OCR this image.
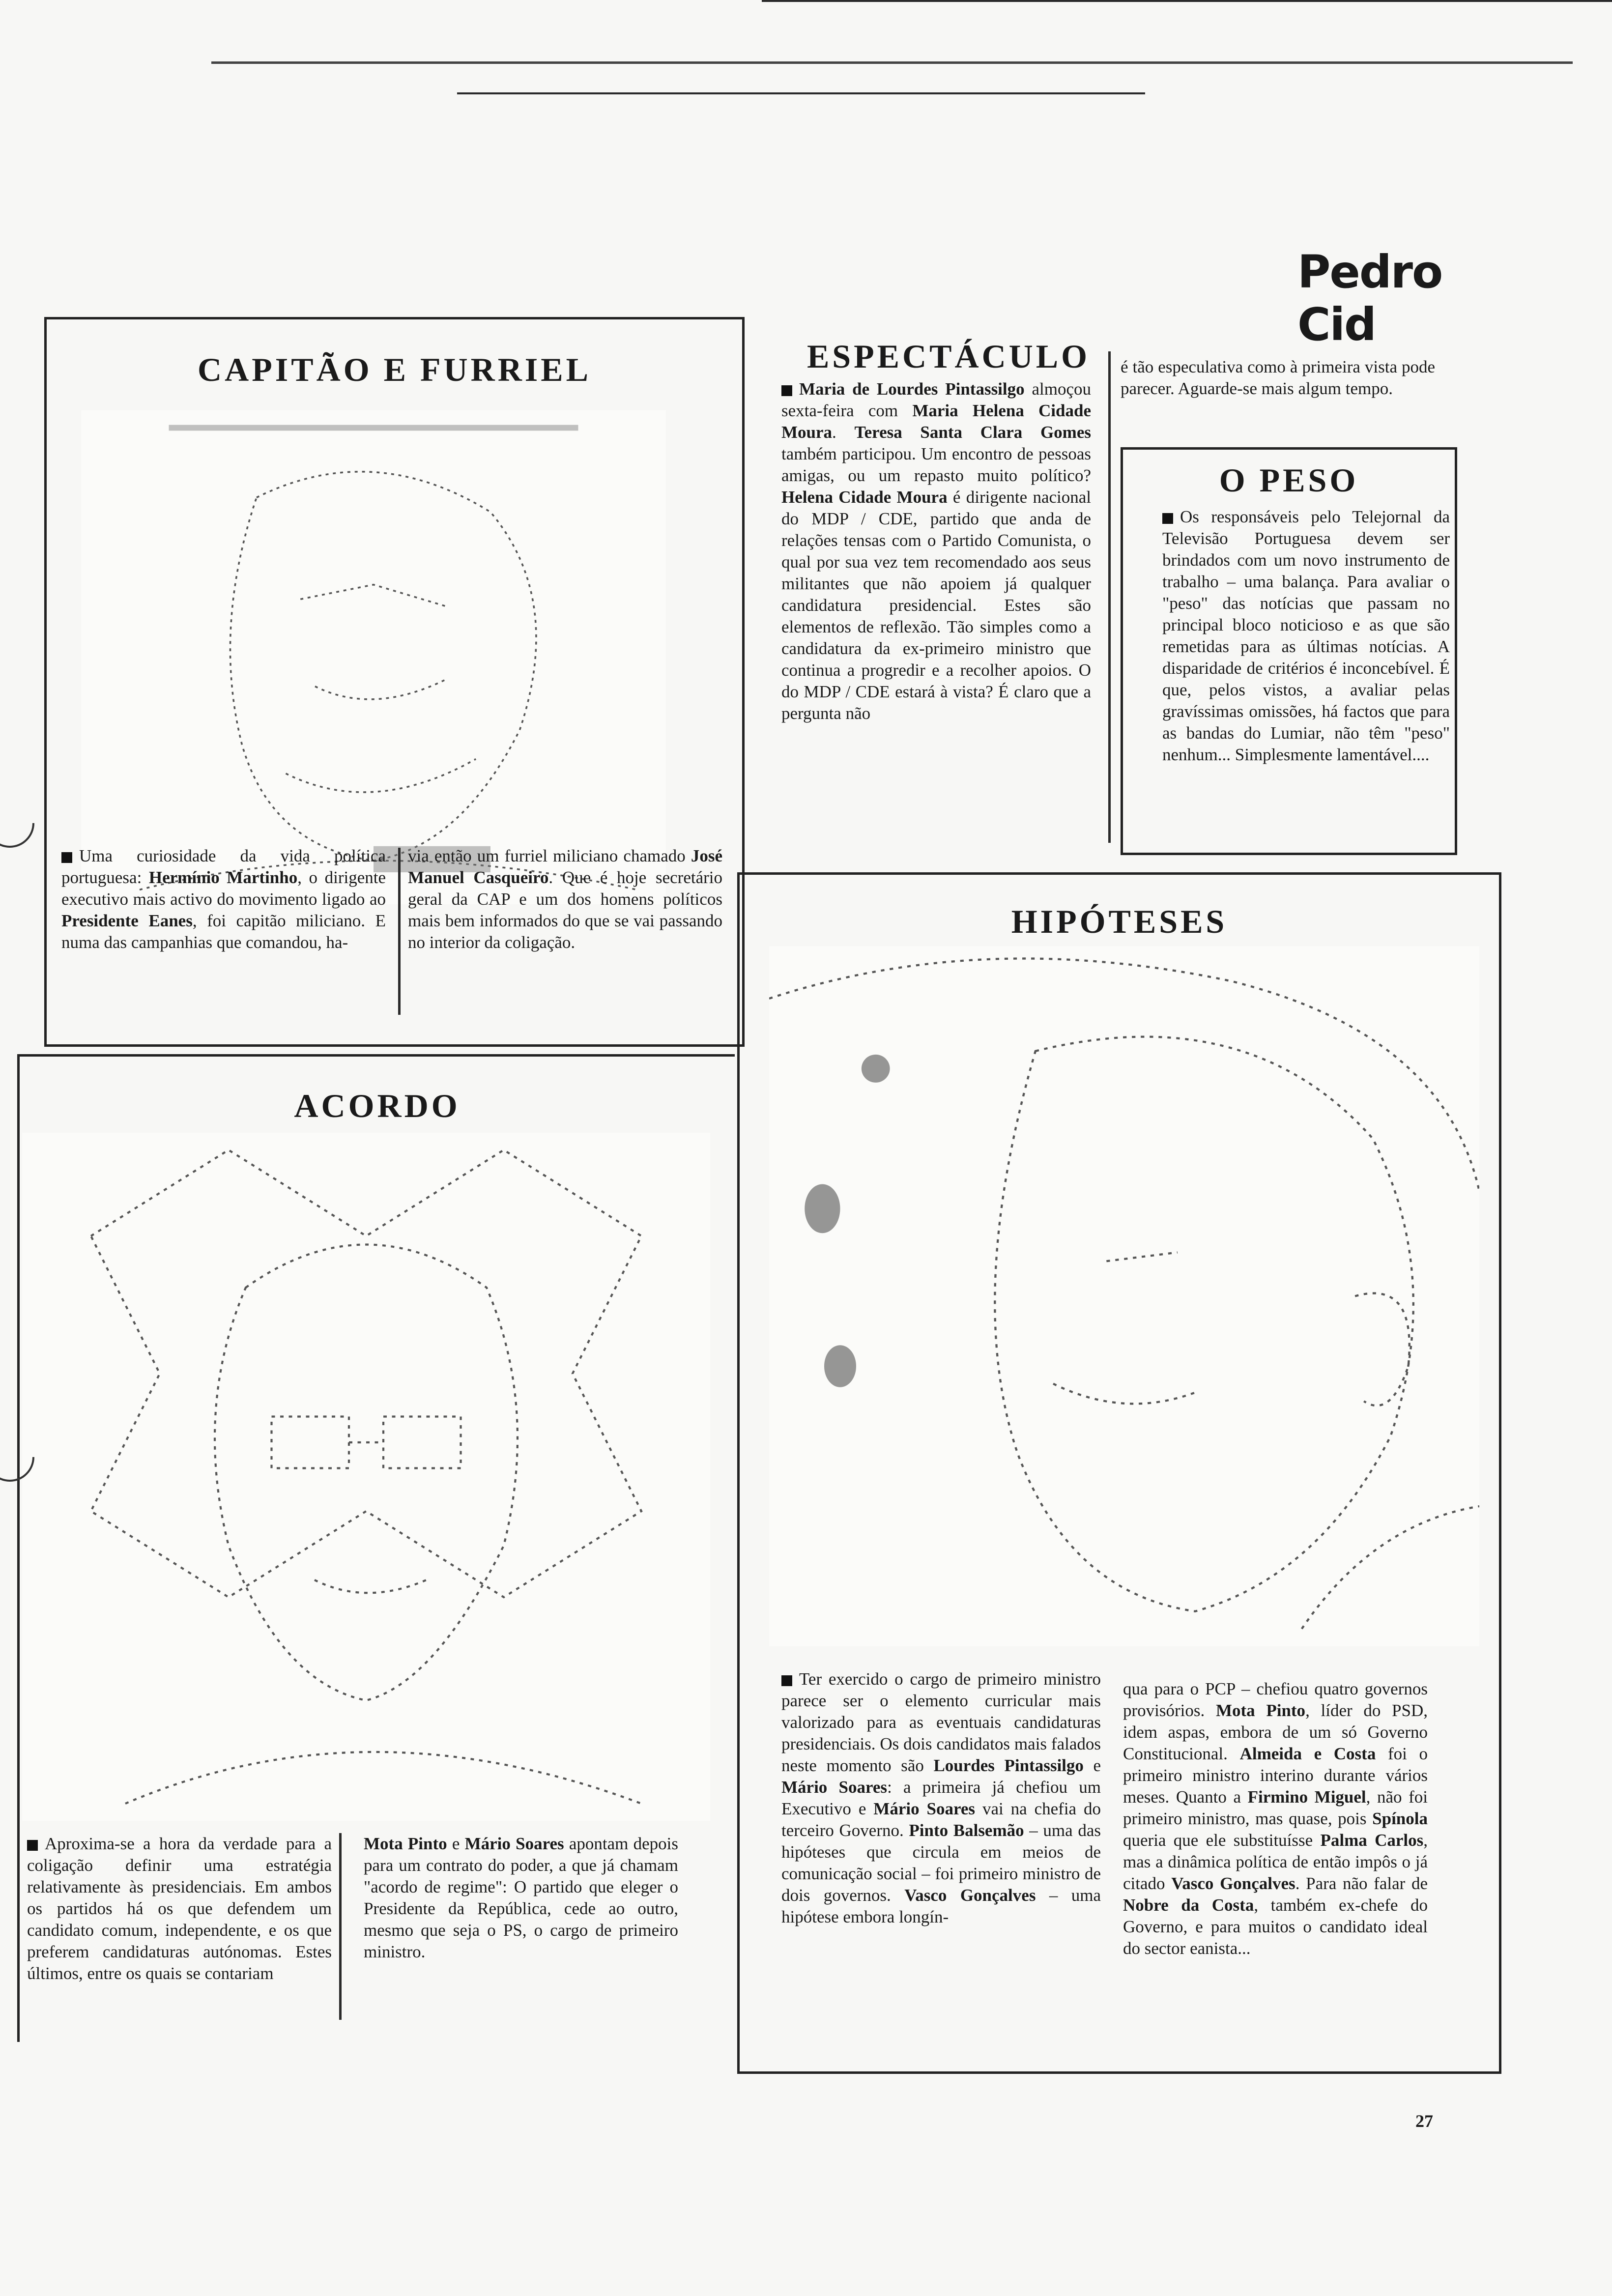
Pedro Cid
CAPITÃO E FURRIEL
Uma curiosidade da vida política portuguesa: Hermínio Martinho, o dirigente executivo mais activo do movimento ligado ao Presidente Eanes, foi capitão miliciano. E numa das campanhias que comandou, ha-
via então um furriel miliciano chamado José Manuel Casqueiro. Que é hoje secretário geral da CAP e um dos homens políticos mais bem informados do que se vai passando no interior da coligação.
ACORDO
Aproxima-se a hora da verdade para a coligação definir uma estratégia relativamente às presidenciais. Em ambos os partidos há os que defendem um candidato comum, independente, e os que preferem candidaturas autónomas. Estes últimos, entre os quais se contariam
Mota Pinto e Mário Soares apontam depois para um contrato do poder, a que já chamam "acordo de regime": O partido que eleger o Presidente da República, cede ao outro, mesmo que seja o PS, o cargo de primeiro ministro.
ESPECTÁCULO
Maria de Lourdes Pintassilgo almoçou sexta-feira com Maria Helena Cidade Moura. Teresa Santa Clara Gomes também participou. Um encontro de pessoas amigas, ou um repasto muito político? Helena Cidade Moura é dirigente nacional do MDP / CDE, partido que anda de relações tensas com o Partido Comunista, o qual por sua vez tem recomendado aos seus militantes que não apoiem já qualquer candidatura presidencial. Estes são elementos de reflexão. Tão simples como a candidatura da ex-primeiro ministro que continua a progredir e a recolher apoios. O do MDP / CDE estará à vista? É claro que a pergunta não
é tão especulativa como à primeira vista pode parecer. Aguarde-se mais algum tempo.
O PESO
Os responsáveis pelo Telejornal da Televisão Portuguesa devem ser brindados com um novo instrumento de trabalho – uma balança. Para avaliar o "peso" das notícias que passam no principal bloco noticioso e as que são remetidas para as últimas notícias. A disparidade de critérios é inconcebível. É que, pelos vistos, a avaliar pelas gravíssimas omissões, há factos que para as bandas do Lumiar, não têm "peso" nenhum... Simplesmente lamentável....
HIPÓTESES
Ter exercido o cargo de primeiro ministro parece ser o elemento curricular mais valorizado para as eventuais candidaturas presidenciais. Os dois candidatos mais falados neste momento são Lourdes Pintassilgo e Mário Soares: a primeira já chefiou um Executivo e Mário Soares vai na chefia do terceiro Governo. Pinto Balsemão – uma das hipóteses que circula em meios de comunicação social – foi primeiro ministro de dois governos. Vasco Gonçalves – uma hipótese embora longín-
qua para o PCP – chefiou quatro governos provisórios. Mota Pinto, líder do PSD, idem aspas, embora de um só Governo Constitucional. Almeida e Costa foi o primeiro ministro interino durante vários meses. Quanto a Firmino Miguel, não foi primeiro ministro, mas quase, pois Spínola queria que ele substituísse Palma Carlos, mas a dinâmica política de então impôs o já citado Vasco Gonçalves. Para não falar de Nobre da Costa, também ex-chefe do Governo, e para muitos o candidato ideal do sector eanista...
27
